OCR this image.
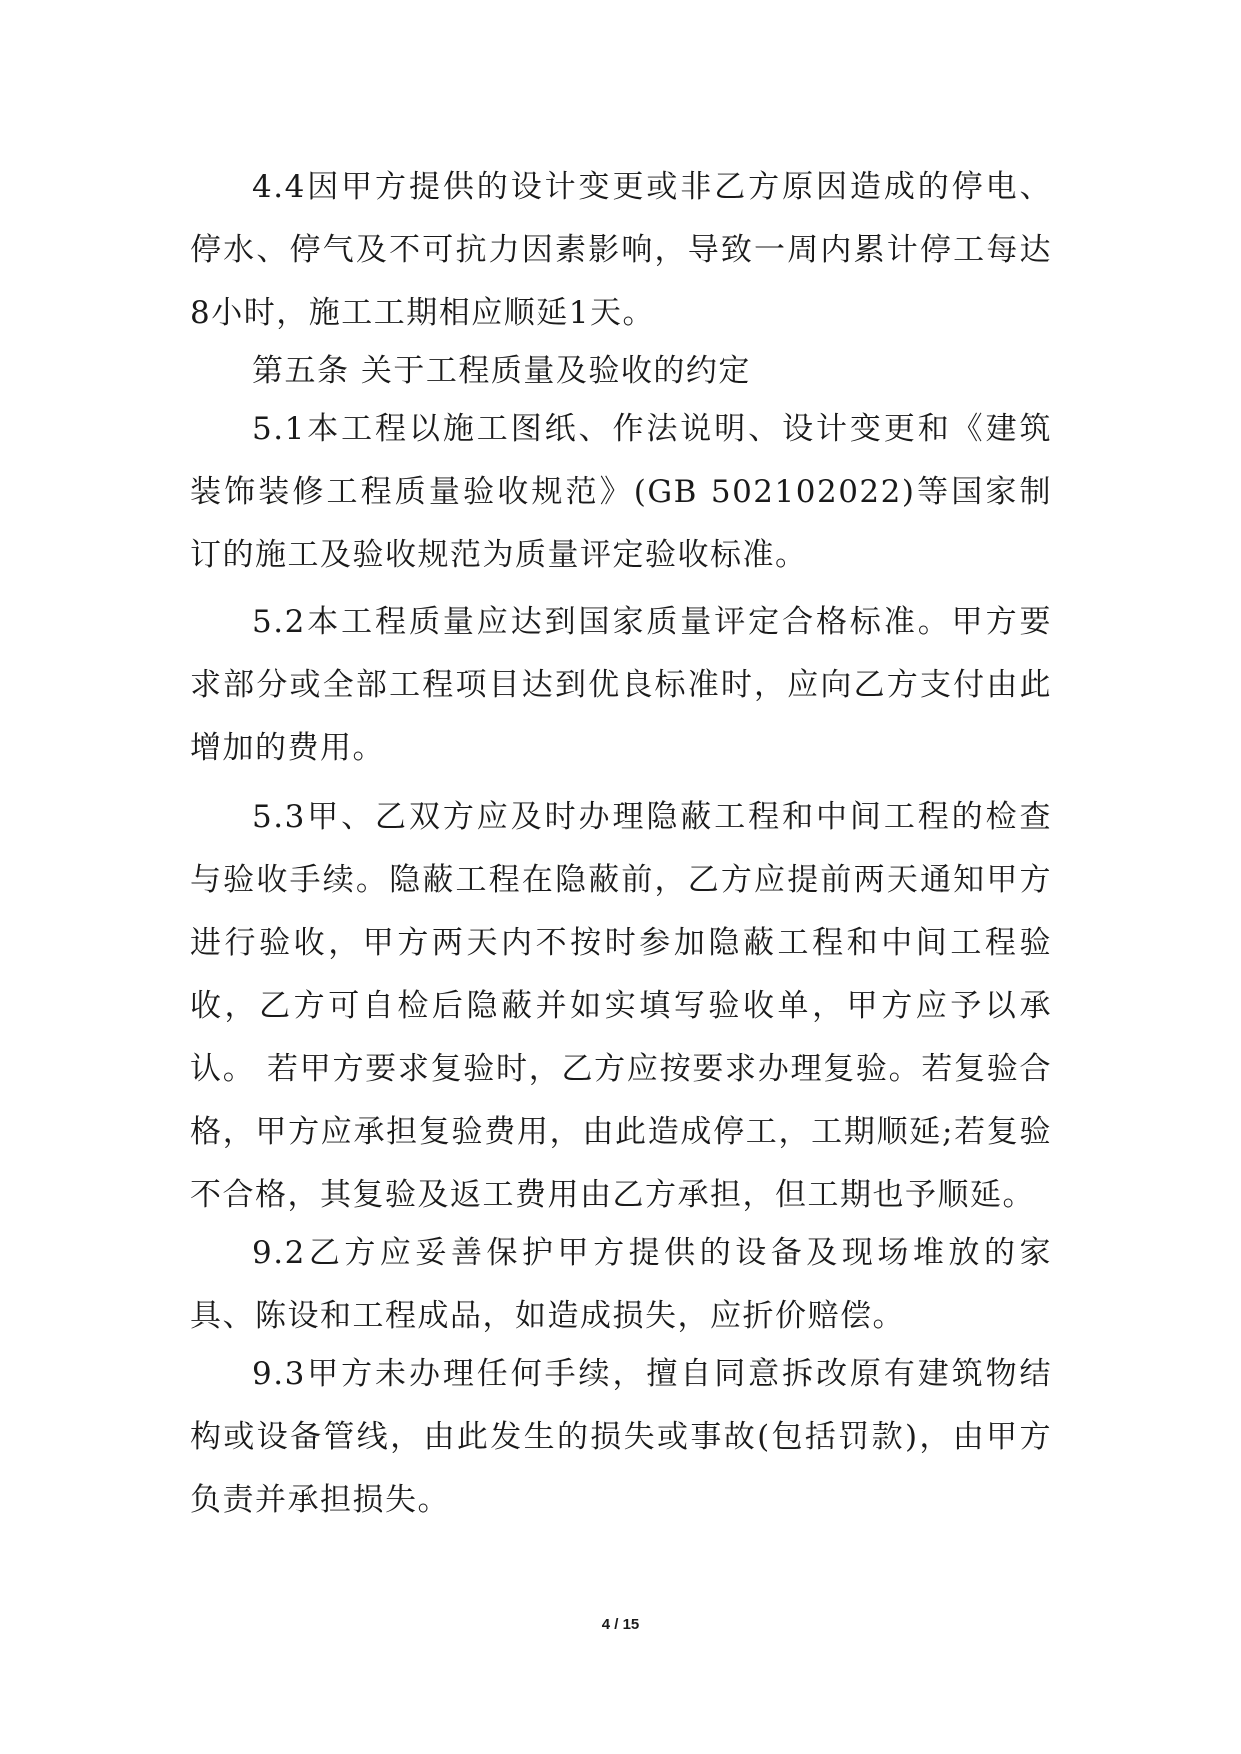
4.4因甲方提供的设计变更或非乙方原因造成的停电、停水、停气及不可抗力因素影响，导致一周内累计停工每达8小时，施工工期相应顺延1天。

第五条 关于工程质量及验收的约定

5.1本工程以施工图纸、作法说明、设计变更和《建筑装饰装修工程质量验收规范》(GB 502102022)等国家制订的施工及验收规范为质量评定验收标准。

5.2本工程质量应达到国家质量评定合格标准。甲方要求部分或全部工程项目达到优良标准时，应向乙方支付由此增加的费用。

5.3甲、乙双方应及时办理隐蔽工程和中间工程的检查与验收手续。隐蔽工程在隐蔽前，乙方应提前两天通知甲方进行验收，甲方两天内不按时参加隐蔽工程和中间工程验收，乙方可自检后隐蔽并如实填写验收单，甲方应予以承认。 若甲方要求复验时，乙方应按要求办理复验。若复验合格，甲方应承担复验费用，由此造成停工，工期顺延;若复验不合格，其复验及返工费用由乙方承担，但工期也予顺延。

9.2乙方应妥善保护甲方提供的设备及现场堆放的家具、陈设和工程成品，如造成损失，应折价赔偿。

9.3甲方未办理任何手续，擅自同意拆改原有建筑物结构或设备管线，由此发生的损失或事故(包括罚款)，由甲方负责并承担损失。

4 / 15
